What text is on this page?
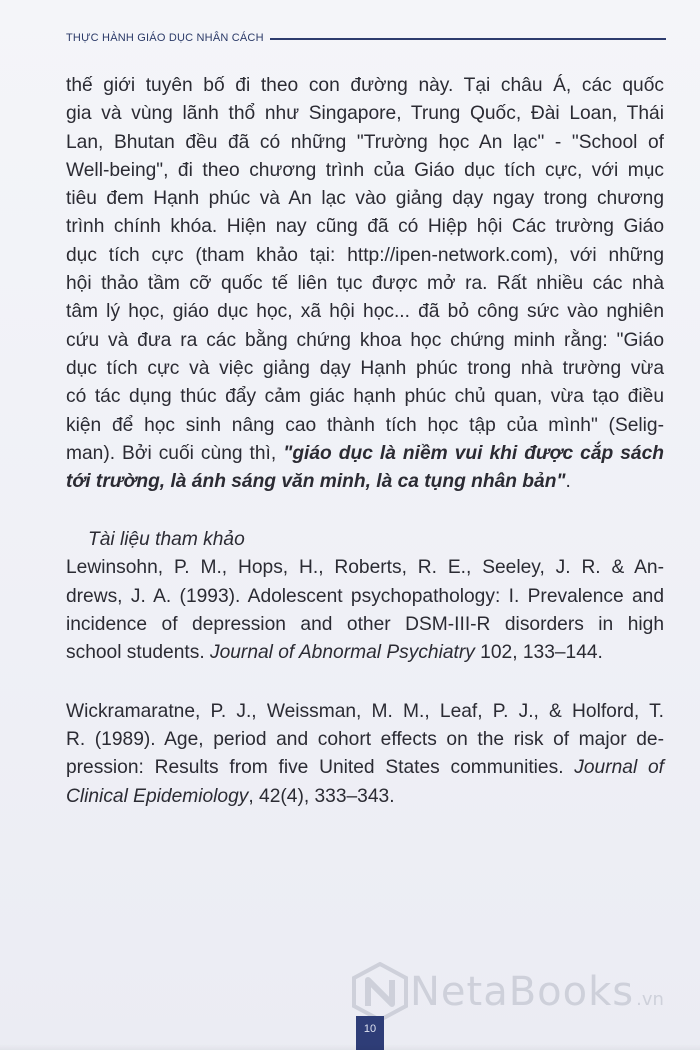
THỰC HÀNH GIÁO DỤC NHÂN CÁCH
thế giới tuyên bố đi theo con đường này. Tại châu Á, các quốc
gia và vùng lãnh thổ như Singapore, Trung Quốc, Đài Loan, Thái
Lan, Bhutan đều đã có những "Trường học An lạc" - "School of
Well-being", đi theo chương trình của Giáo dục tích cực, với mục
tiêu đem Hạnh phúc và An lạc vào giảng dạy ngay trong chương
trình chính khóa. Hiện nay cũng đã có Hiệp hội Các trường Giáo
dục tích cực (tham khảo tại: http://ipen-network.com), với những
hội thảo tầm cỡ quốc tế liên tục được mở ra. Rất nhiều các nhà
tâm lý học, giáo dục học, xã hội học... đã bỏ công sức vào nghiên
cứu và đưa ra các bằng chứng khoa học chứng minh rằng: "Giáo
dục tích cực và việc giảng dạy Hạnh phúc trong nhà trường vừa
có tác dụng thúc đẩy cảm giác hạnh phúc chủ quan, vừa tạo điều
kiện để học sinh nâng cao thành tích học tập của mình" (Selig-
man). Bởi cuối cùng thì, "giáo dục là niềm vui khi được cắp sách
tới trường, là ánh sáng văn minh, là ca tụng nhân bản".
Tài liệu tham khảo
Lewinsohn, P. M., Hops, H., Roberts, R. E., Seeley, J. R. & An-
drews, J. A. (1993). Adolescent psychopathology: I. Prevalence and
incidence of depression and other DSM-III-R disorders in high
school students. Journal of Abnormal Psychiatry 102, 133–144.
Wickramaratne, P. J., Weissman, M. M., Leaf, P. J., & Holford, T.
R. (1989). Age, period and cohort effects on the risk of major de-
pression: Results from five United States communities. Journal of
Clinical Epidemiology, 42(4), 333–343.
NetaBooks .vn
10
